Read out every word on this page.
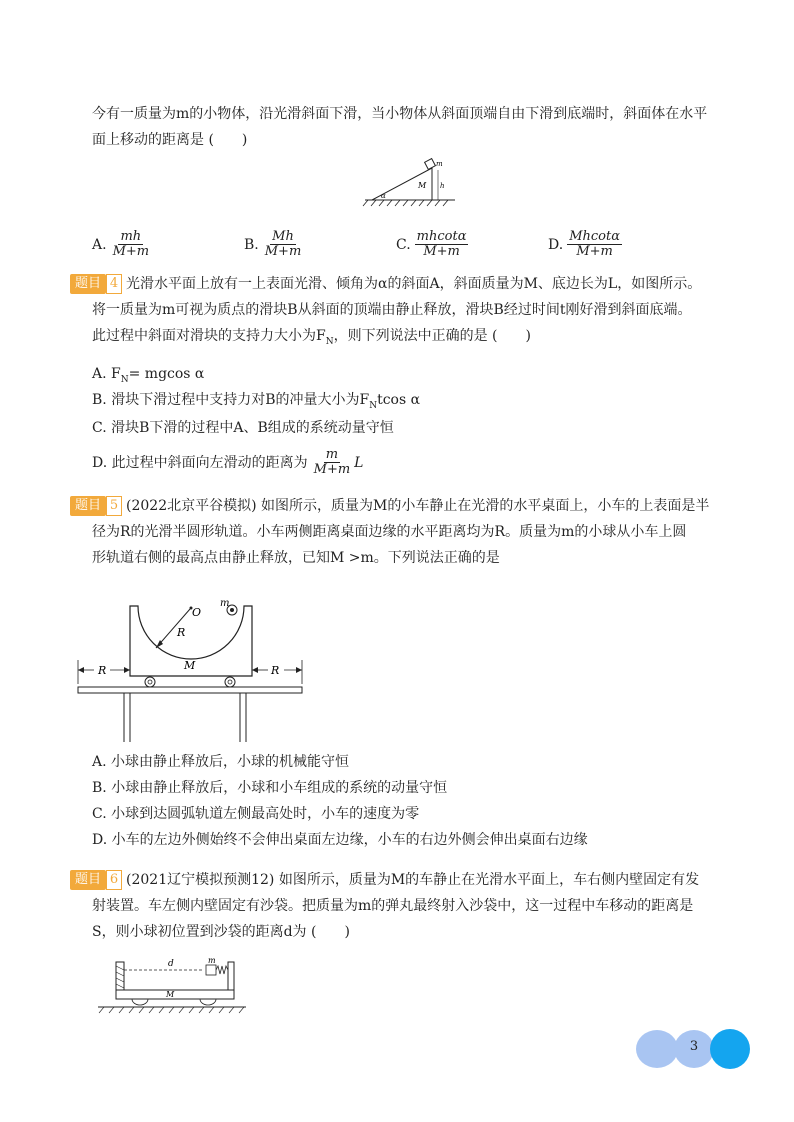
今有一质量为m的小物体，沿光滑斜面下滑，当小物体从斜面顶端自由下滑到底端时，斜面体在水平
面上移动的距离是 (　　)
m
M h
α
A. $\frac{mh}{M+m}$	B. $\frac{Mh}{M+m}$	C. $\frac{mhcot\alpha}{M+m}$	D. $\frac{Mhcot\alpha}{M+m}$
题目 4 光滑水平面上放有一上表面光滑、倾角为α的斜面A，斜面质量为M、底边长为L，如图所示。
将一质量为m可视为质点的滑块B从斜面的顶端由静止释放，滑块B经过时间t刚好滑到斜面底端。
此过程中斜面对滑块的支持力大小为$F_N$，则下列说法中正确的是 (　　)
A. $F_N= mgcos$ α
B. 滑块下滑过程中支持力对B的冲量大小为$F_Ntcos$ α
C. 滑块B下滑的过程中A、B组成的系统动量守恒
D. 此过程中斜面向左滑动的距离为 $\frac{m}{M+m}$ L
题目 5 (2022北京平谷模拟) 如图所示，质量为M的小车静止在光滑的水平桌面上，小车的上表面是半
径为R的光滑半圆形轨道。小车两侧距离桌面边缘的水平距离均为R。质量为m的小球从小车上圆
形轨道右侧的最高点由静止释放，已知M >m。下列说法正确的是
O
R
m
M
R	R
A. 小球由静止释放后，小球的机械能守恒
B. 小球由静止释放后，小球和小车组成的系统的动量守恒
C. 小球到达圆弧轨道左侧最高处时，小车的速度为零
D. 小车的左边外侧始终不会伸出桌面左边缘，小车的右边外侧会伸出桌面右边缘
题目 6 (2021辽宁模拟预测12) 如图所示，质量为M的车静止在光滑水平面上，车右侧内壁固定有发
射装置。车左侧内壁固定有沙袋。把质量为m的弹丸最终射入沙袋中，这一过程中车移动的距离是
S，则小球初位置到沙袋的距离d为 (　　)
d	m
M
3
